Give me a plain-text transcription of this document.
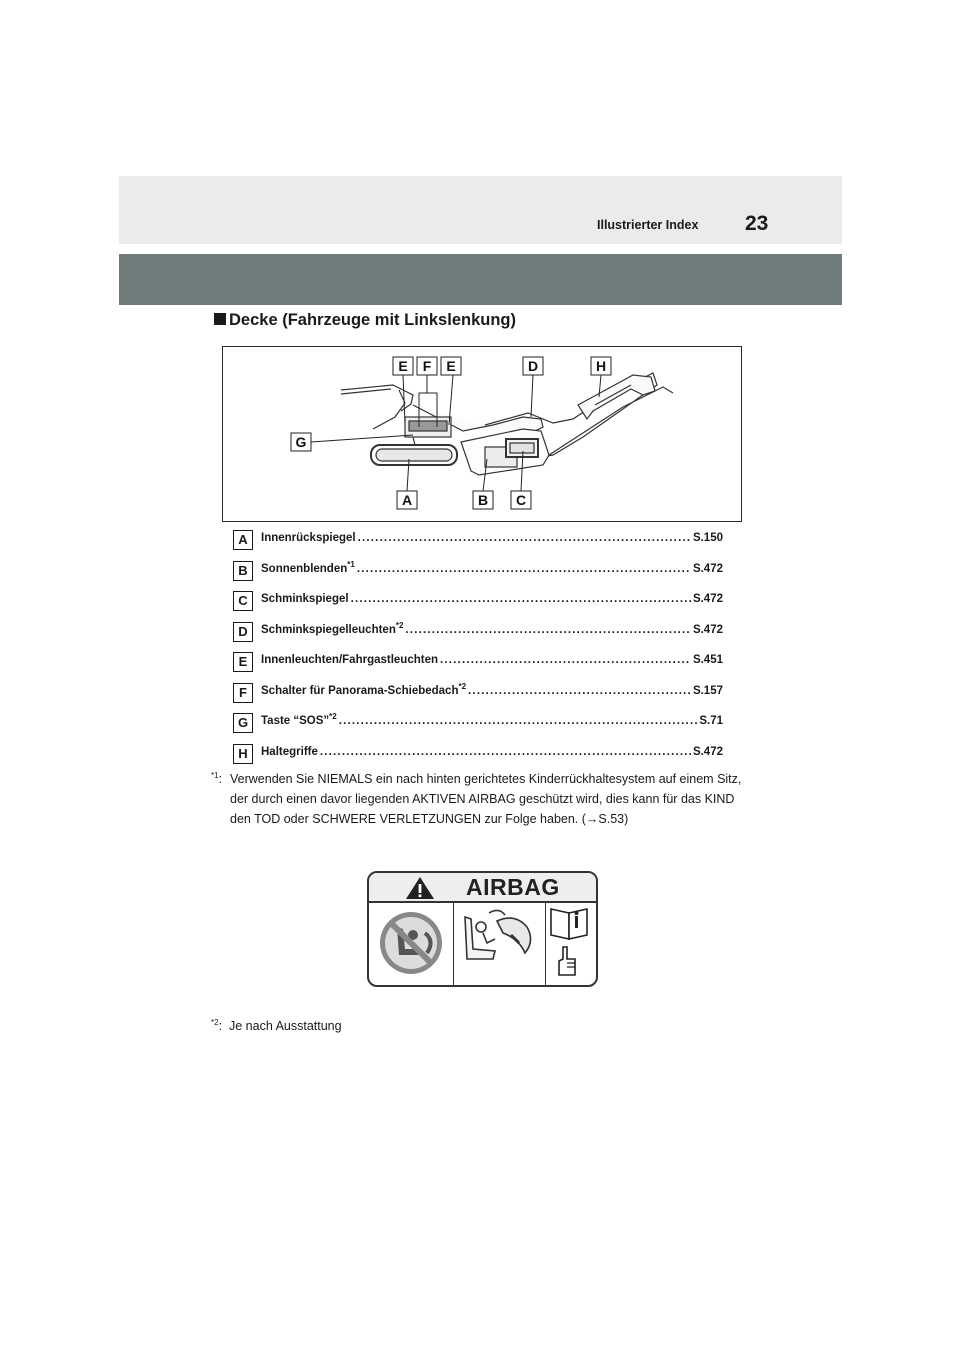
Illustrierter Index 23
Decke (Fahrzeuge mit Linkslenkung)
E F E	D	H
G
A	B C
A	Innenrückspiegel . . .	S.150
B	Sonnenblenden$^{*1}$ . . .	S.472
C	Schminkspiegel . . .	S.472
D	Schminkspiegelleuchten$^{*2}$ . . .	S.472
E	Innenleuchten/Fahrgastleuchten . . .	S.451
F	Schalter für Panorama-Schiebedach$^{*2}$ . . .	S.157
G	Taste “SOS”$^{*2}$ . . .	S.71
H	Haltegriffe . . .	S.472
$^{*1}$: Verwenden Sie NIEMALS ein nach hinten gerichtetes Kinderrückhaltesystem auf einem Sitz, der durch einen davor liegenden AKTIVEN AIRBAG geschützt wird, dies kann für das KIND den TOD oder SCHWERE VERLETZUNGEN zur Folge haben. (→S.53)
AIRBAG
$^{*2}$: Je nach Ausstattung
